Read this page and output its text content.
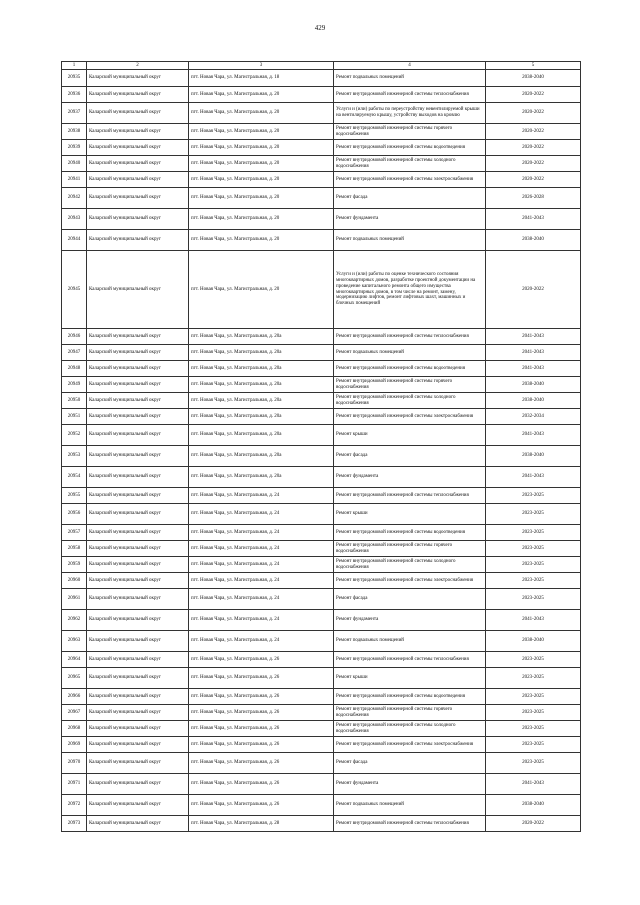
429
1	2	3	4	5
20935	Каларский муниципальный округ	пгт. Новая Чара, ул. Магистральная, д. 18	Ремонт подвальных помещений	2038-2040
20936	Каларский муниципальный округ	пгт. Новая Чара, ул. Магистральная, д. 20	Ремонт внутридомовой инженерной системы теплоснабжения	2020-2022
20937	Каларский муниципальный округ	пгт. Новая Чара, ул. Магистральная, д. 20	Услуги и (или) работы по переустройству невентилируемой крыши на вентилируемую крышу, устройству выходов на кровлю	2020-2022
20938	Каларский муниципальный округ	пгт. Новая Чара, ул. Магистральная, д. 20	Ремонт внутридомовой инженерной системы горячего водоснабжения	2020-2022
20939	Каларский муниципальный округ	пгт. Новая Чара, ул. Магистральная, д. 20	Ремонт внутридомовой инженерной системы водоотведения	2020-2022
20940	Каларский муниципальный округ	пгт. Новая Чара, ул. Магистральная, д. 20	Ремонт внутридомовой инженерной системы холодного водоснабжения	2020-2022
20941	Каларский муниципальный округ	пгт. Новая Чара, ул. Магистральная, д. 20	Ремонт внутридомовой инженерной системы электроснабжения	2020-2022
20942	Каларский муниципальный округ	пгт. Новая Чара, ул. Магистральная, д. 20	Ремонт фасада	2026-2028
20943	Каларский муниципальный округ	пгт. Новая Чара, ул. Магистральная, д. 20	Ремонт фундамента	2041-2043
20944	Каларский муниципальный округ	пгт. Новая Чара, ул. Магистральная, д. 20	Ремонт подвальных помещений	2038-2040
20945	Каларский муниципальный округ	пгт. Новая Чара, ул. Магистральная, д. 20	Услуги и (или) работы по оценке технического состояния многоквартирных домов, разработке проектной документации на проведение капитального ремонта общего имущества многоквартирных домов, в том числе на ремонт, замену, модернизацию лифтов, ремонт лифтовых шахт, машинных и блочных помещений	2020-2022
20946	Каларский муниципальный округ	пгт. Новая Чара, ул. Магистральная, д. 20а	Ремонт внутридомовой инженерной системы теплоснабжения	2041-2043
20947	Каларский муниципальный округ	пгт. Новая Чара, ул. Магистральная, д. 20а	Ремонт подвальных помещений	2041-2043
20948	Каларский муниципальный округ	пгт. Новая Чара, ул. Магистральная, д. 20а	Ремонт внутридомовой инженерной системы водоотведения	2041-2043
20949	Каларский муниципальный округ	пгт. Новая Чара, ул. Магистральная, д. 20а	Ремонт внутридомовой инженерной системы горячего водоснабжения	2038-2040
20950	Каларский муниципальный округ	пгт. Новая Чара, ул. Магистральная, д. 20а	Ремонт внутридомовой инженерной системы холодного водоснабжения	2038-2040
20951	Каларский муниципальный округ	пгт. Новая Чара, ул. Магистральная, д. 20а	Ремонт внутридомовой инженерной системы электроснабжения	2032-2034
20952	Каларский муниципальный округ	пгт. Новая Чара, ул. Магистральная, д. 20а	Ремонт крыши	2041-2043
20953	Каларский муниципальный округ	пгт. Новая Чара, ул. Магистральная, д. 20а	Ремонт фасада	2038-2040
20954	Каларский муниципальный округ	пгт. Новая Чара, ул. Магистральная, д. 20а	Ремонт фундамента	2041-2043
20955	Каларский муниципальный округ	пгт. Новая Чара, ул. Магистральная, д. 24	Ремонт внутридомовой инженерной системы теплоснабжения	2023-2025
20956	Каларский муниципальный округ	пгт. Новая Чара, ул. Магистральная, д. 24	Ремонт крыши	2023-2025
20957	Каларский муниципальный округ	пгт. Новая Чара, ул. Магистральная, д. 24	Ремонт внутридомовой инженерной системы водоотведения	2023-2025
20958	Каларский муниципальный округ	пгт. Новая Чара, ул. Магистральная, д. 24	Ремонт внутридомовой инженерной системы горячего водоснабжения	2023-2025
20959	Каларский муниципальный округ	пгт. Новая Чара, ул. Магистральная, д. 24	Ремонт внутридомовой инженерной системы холодного водоснабжения	2023-2025
20960	Каларский муниципальный округ	пгт. Новая Чара, ул. Магистральная, д. 24	Ремонт внутридомовой инженерной системы электроснабжения	2023-2025
20961	Каларский муниципальный округ	пгт. Новая Чара, ул. Магистральная, д. 24	Ремонт фасада	2023-2025
20962	Каларский муниципальный округ	пгт. Новая Чара, ул. Магистральная, д. 24	Ремонт фундамента	2041-2043
20963	Каларский муниципальный округ	пгт. Новая Чара, ул. Магистральная, д. 24	Ремонт подвальных помещений	2038-2040
20964	Каларский муниципальный округ	пгт. Новая Чара, ул. Магистральная, д. 26	Ремонт внутридомовой инженерной системы теплоснабжения	2023-2025
20965	Каларский муниципальный округ	пгт. Новая Чара, ул. Магистральная, д. 26	Ремонт крыши	2023-2025
20966	Каларский муниципальный округ	пгт. Новая Чара, ул. Магистральная, д. 26	Ремонт внутридомовой инженерной системы водоотведения	2023-2025
20967	Каларский муниципальный округ	пгт. Новая Чара, ул. Магистральная, д. 26	Ремонт внутридомовой инженерной системы горячего водоснабжения	2023-2025
20968	Каларский муниципальный округ	пгт. Новая Чара, ул. Магистральная, д. 26	Ремонт внутридомовой инженерной системы холодного водоснабжения	2023-2025
20969	Каларский муниципальный округ	пгт. Новая Чара, ул. Магистральная, д. 26	Ремонт внутридомовой инженерной системы электроснабжения	2023-2025
20970	Каларский муниципальный округ	пгт. Новая Чара, ул. Магистральная, д. 26	Ремонт фасада	2023-2025
20971	Каларский муниципальный округ	пгт. Новая Чара, ул. Магистральная, д. 26	Ремонт фундамента	2041-2043
20972	Каларский муниципальный округ	пгт. Новая Чара, ул. Магистральная, д. 26	Ремонт подвальных помещений	2038-2040
20973	Каларский муниципальный округ	пгт. Новая Чара, ул. Магистральная, д. 28	Ремонт внутридомовой инженерной системы теплоснабжения	2020-2022
